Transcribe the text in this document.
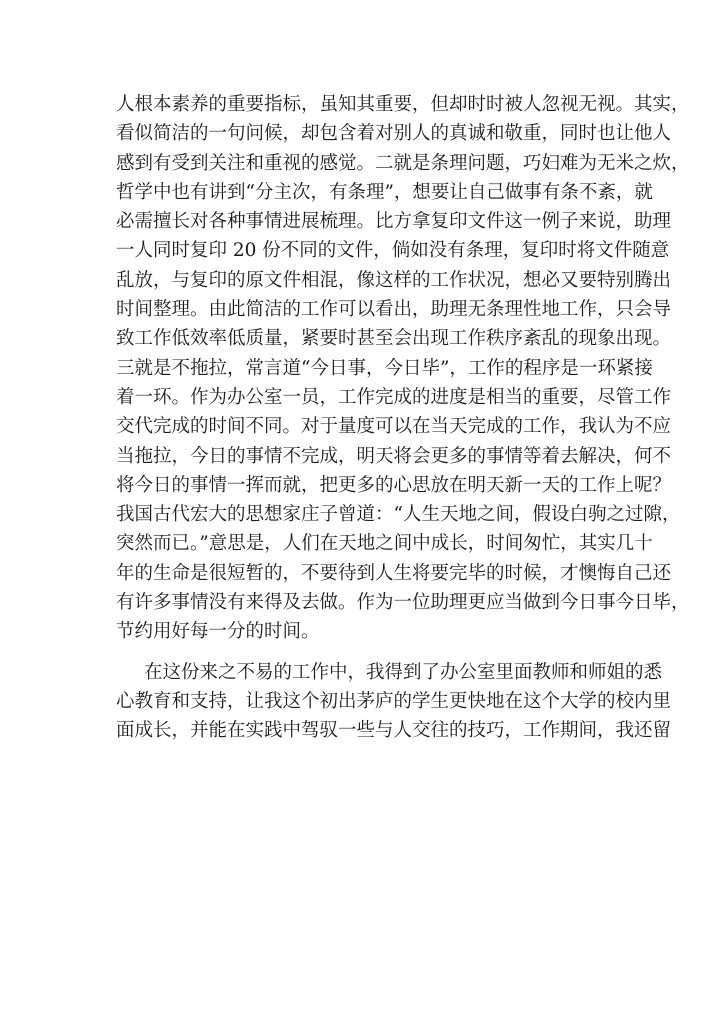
人根本素养的重要指标，虽知其重要，但却时时被人忽视无视。其实，
看似简洁的一句问候，却包含着对别人的真诚和敬重，同时也让他人
感到有受到关注和重视的感觉。二就是条理问题，巧妇难为无米之炊，
哲学中也有讲到“分主次，有条理”，想要让自己做事有条不紊，就
必需擅长对各种事情进展梳理。比方拿复印文件这一例子来说，助理
一人同时复印 20 份不同的文件，倘如没有条理，复印时将文件随意
乱放，与复印的原文件相混，像这样的工作状况，想必又要特别腾出
时间整理。由此简洁的工作可以看出，助理无条理性地工作，只会导
致工作低效率低质量，紧要时甚至会出现工作秩序紊乱的现象出现。
三就是不拖拉，常言道“今日事，今日毕”，工作的程序是一环紧接
着一环。作为办公室一员，工作完成的进度是相当的重要，尽管工作
交代完成的时间不同。对于量度可以在当天完成的工作，我认为不应
当拖拉，今日的事情不完成，明天将会更多的事情等着去解决，何不
将今日的事情一挥而就，把更多的心思放在明天新一天的工作上呢？
我国古代宏大的思想家庄子曾道：“人生天地之间，假设白驹之过隙，
突然而已。”意思是，人们在天地之间中成长，时间匆忙，其实几十
年的生命是很短暂的，不要待到人生将要完毕的时候，才懊悔自己还
有许多事情没有来得及去做。作为一位助理更应当做到今日事今日毕，
节约用好每一分的时间。
在这份来之不易的工作中，我得到了办公室里面教师和师姐的悉
心教育和支持，让我这个初出茅庐的学生更快地在这个大学的校内里
面成长，并能在实践中驾驭一些与人交往的技巧，工作期间，我还留
